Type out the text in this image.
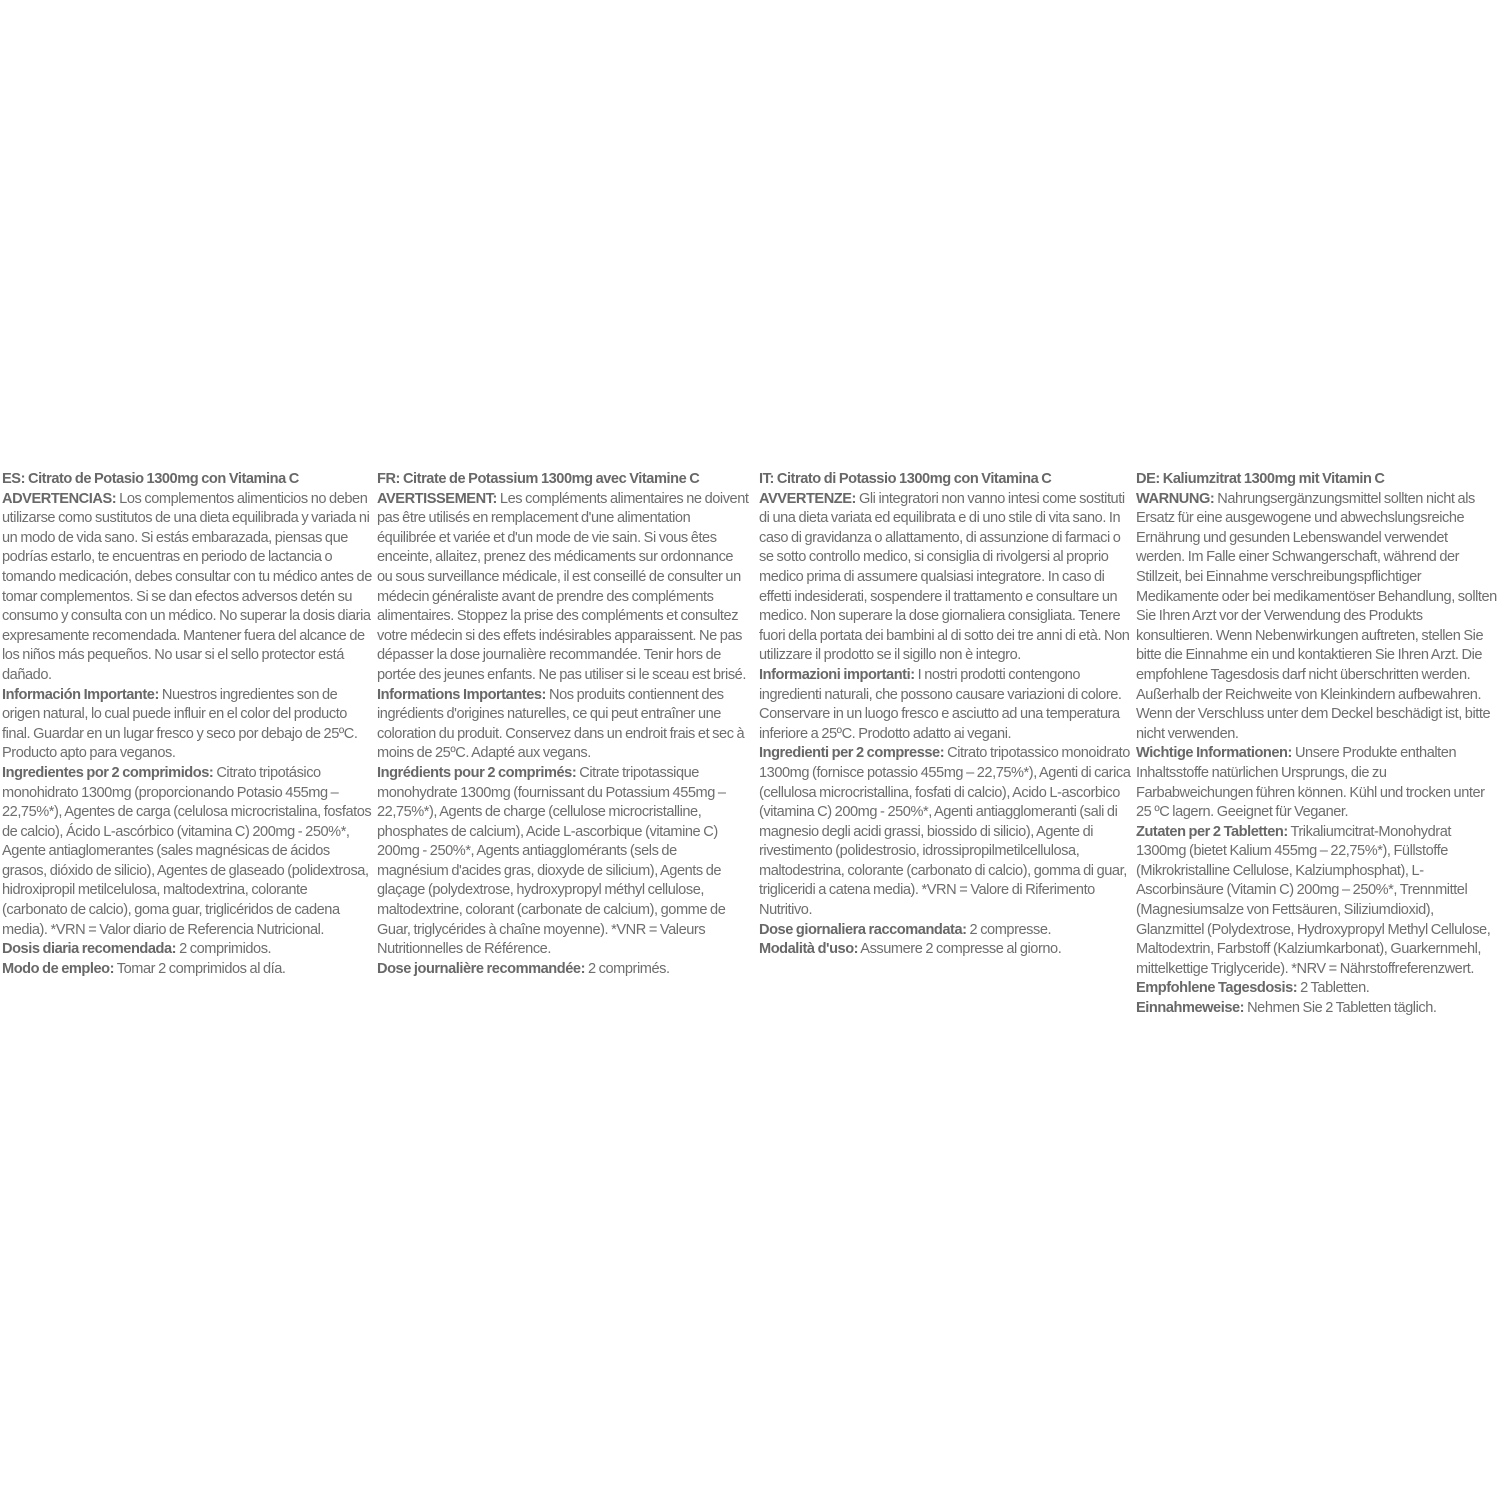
ES: Citrato de Potasio 1300mg con Vitamina C

ADVERTENCIAS: Los complementos alimenticios no deben utilizarse como sustitutos de una dieta equilibrada y variada ni un modo de vida sano. Si estás embarazada, piensas que podrías estarlo, te encuentras en periodo de lactancia o tomando medicación, debes consultar con tu médico antes de tomar complementos. Si se dan efectos adversos detén su consumo y consulta con un médico. No superar la dosis diaria expresamente recomendada. Mantener fuera del alcance de los niños más pequeños. No usar si el sello protector está dañado.

Información Importante: Nuestros ingredientes son de origen natural, lo cual puede influir en el color del producto final. Guardar en un lugar fresco y seco por debajo de 25ºC. Producto apto para veganos.

Ingredientes por 2 comprimidos: Citrato tripotásico monohidrato 1300mg (proporcionando Potasio 455mg – 22,75%*), Agentes de carga (celulosa microcristalina, fosfatos de calcio), Ácido L-ascórbico (vitamina C) 200mg - 250%*, Agente antiaglomerantes (sales magnésicas de ácidos grasos, dióxido de silicio), Agentes de glaseado (polidextrosa, hidroxipropil metilcelulosa, maltodextrina, colorante (carbonato de calcio), goma guar, triglicéridos de cadena media). *VRN = Valor diario de Referencia Nutricional.

Dosis diaria recomendada: 2 comprimidos.

Modo de empleo: Tomar 2 comprimidos al día.

FR: Citrate de Potassium 1300mg avec Vitamine C

AVERTISSEMENT: Les compléments alimentaires ne doivent pas être utilisés en remplacement d'une alimentation équilibrée et variée et d'un mode de vie sain. Si vous êtes enceinte, allaitez, prenez des médicaments sur ordonnance ou sous surveillance médicale, il est conseillé de consulter un médecin généraliste avant de prendre des compléments alimentaires. Stoppez la prise des compléments et consultez votre médecin si des effets indésirables apparaissent. Ne pas dépasser la dose journalière recommandée. Tenir hors de portée des jeunes enfants. Ne pas utiliser si le sceau est brisé.

Informations Importantes: Nos produits contiennent des ingrédients d'origines naturelles, ce qui peut entraîner une coloration du produit. Conservez dans un endroit frais et sec à moins de 25ºC. Adapté aux vegans.

Ingrédients pour 2 comprimés: Citrate tripotassique monohydrate 1300mg (fournissant du Potassium 455mg – 22,75%*), Agents de charge (cellulose microcristalline, phosphates de calcium), Acide L-ascorbique (vitamine C) 200mg - 250%*, Agents antiagglomérants (sels de magnésium d'acides gras, dioxyde de silicium), Agents de glaçage (polydextrose, hydroxypropyl méthyl cellulose, maltodextrine, colorant (carbonate de calcium), gomme de Guar, triglycérides à chaîne moyenne). *VNR = Valeurs Nutritionnelles de Référence.

Dose journalière recommandée: 2 comprimés.

IT: Citrato di Potassio 1300mg con Vitamina C

AVVERTENZE: Gli integratori non vanno intesi come sostituti di una dieta variata ed equilibrata e di uno stile di vita sano. In caso di gravidanza o allattamento, di assunzione di farmaci o se sotto controllo medico, si consiglia di rivolgersi al proprio medico prima di assumere qualsiasi integratore. In caso di effetti indesiderati, sospendere il trattamento e consultare un medico. Non superare la dose giornaliera consigliata. Tenere fuori della portata dei bambini al di sotto dei tre anni di età. Non utilizzare il prodotto se il sigillo non è integro.

Informazioni importanti: I nostri prodotti contengono ingredienti naturali, che possono causare variazioni di colore. Conservare in un luogo fresco e asciutto ad una temperatura inferiore a 25ºC. Prodotto adatto ai vegani.

Ingredienti per 2 compresse: Citrato tripotassico monoidrato 1300mg (fornisce potassio 455mg – 22,75%*), Agenti di carica (cellulosa microcristallina, fosfati di calcio), Acido L-ascorbico (vitamina C) 200mg - 250%*, Agenti antiagglomeranti (sali di magnesio degli acidi grassi, biossido di silicio), Agente di rivestimento (polidestrosio, idrossipropilmetilcellulosa, maltodestrina, colorante (carbonato di calcio), gomma di guar, trigliceridi a catena media). *VRN = Valore di Riferimento Nutritivo.

Dose giornaliera raccomandata: 2 compresse.

Modalità d'uso: Assumere 2 compresse al giorno.

DE: Kaliumzitrat 1300mg mit Vitamin C

WARNUNG: Nahrungsergänzungsmittel sollten nicht als Ersatz für eine ausgewogene und abwechslungsreiche Ernährung und gesunden Lebenswandel verwendet werden. Im Falle einer Schwangerschaft, während der Stillzeit, bei Einnahme verschreibungspflichtiger Medikamente oder bei medikamentöser Behandlung, sollten Sie Ihren Arzt vor der Verwendung des Produkts konsultieren. Wenn Nebenwirkungen auftreten, stellen Sie bitte die Einnahme ein und kontaktieren Sie Ihren Arzt. Die empfohlene Tagesdosis darf nicht überschritten werden. Außerhalb der Reichweite von Kleinkindern aufbewahren. Wenn der Verschluss unter dem Deckel beschädigt ist, bitte nicht verwenden.

Wichtige Informationen: Unsere Produkte enthalten Inhaltsstoffe natürlichen Ursprungs, die zu Farbabweichungen führen können. Kühl und trocken unter 25 ºC lagern. Geeignet für Veganer.

Zutaten per 2 Tabletten: Trikaliumcitrat-Monohydrat 1300mg (bietet Kalium 455mg – 22,75%*), Füllstoffe (Mikrokristalline Cellulose, Kalziumphosphat), L-Ascorbinsäure (Vitamin C) 200mg – 250%*, Trennmittel (Magnesiumsalze von Fettsäuren, Siliziumdioxid), Glanzmittel (Polydextrose, Hydroxypropyl Methyl Cellulose, Maltodextrin, Farbstoff (Kalziumkarbonat), Guarkernmehl, mittelkettige Triglyceride). *NRV = Nährstoffreferenzwert.

Empfohlene Tagesdosis: 2 Tabletten.

Einnahmeweise: Nehmen Sie 2 Tabletten täglich.
